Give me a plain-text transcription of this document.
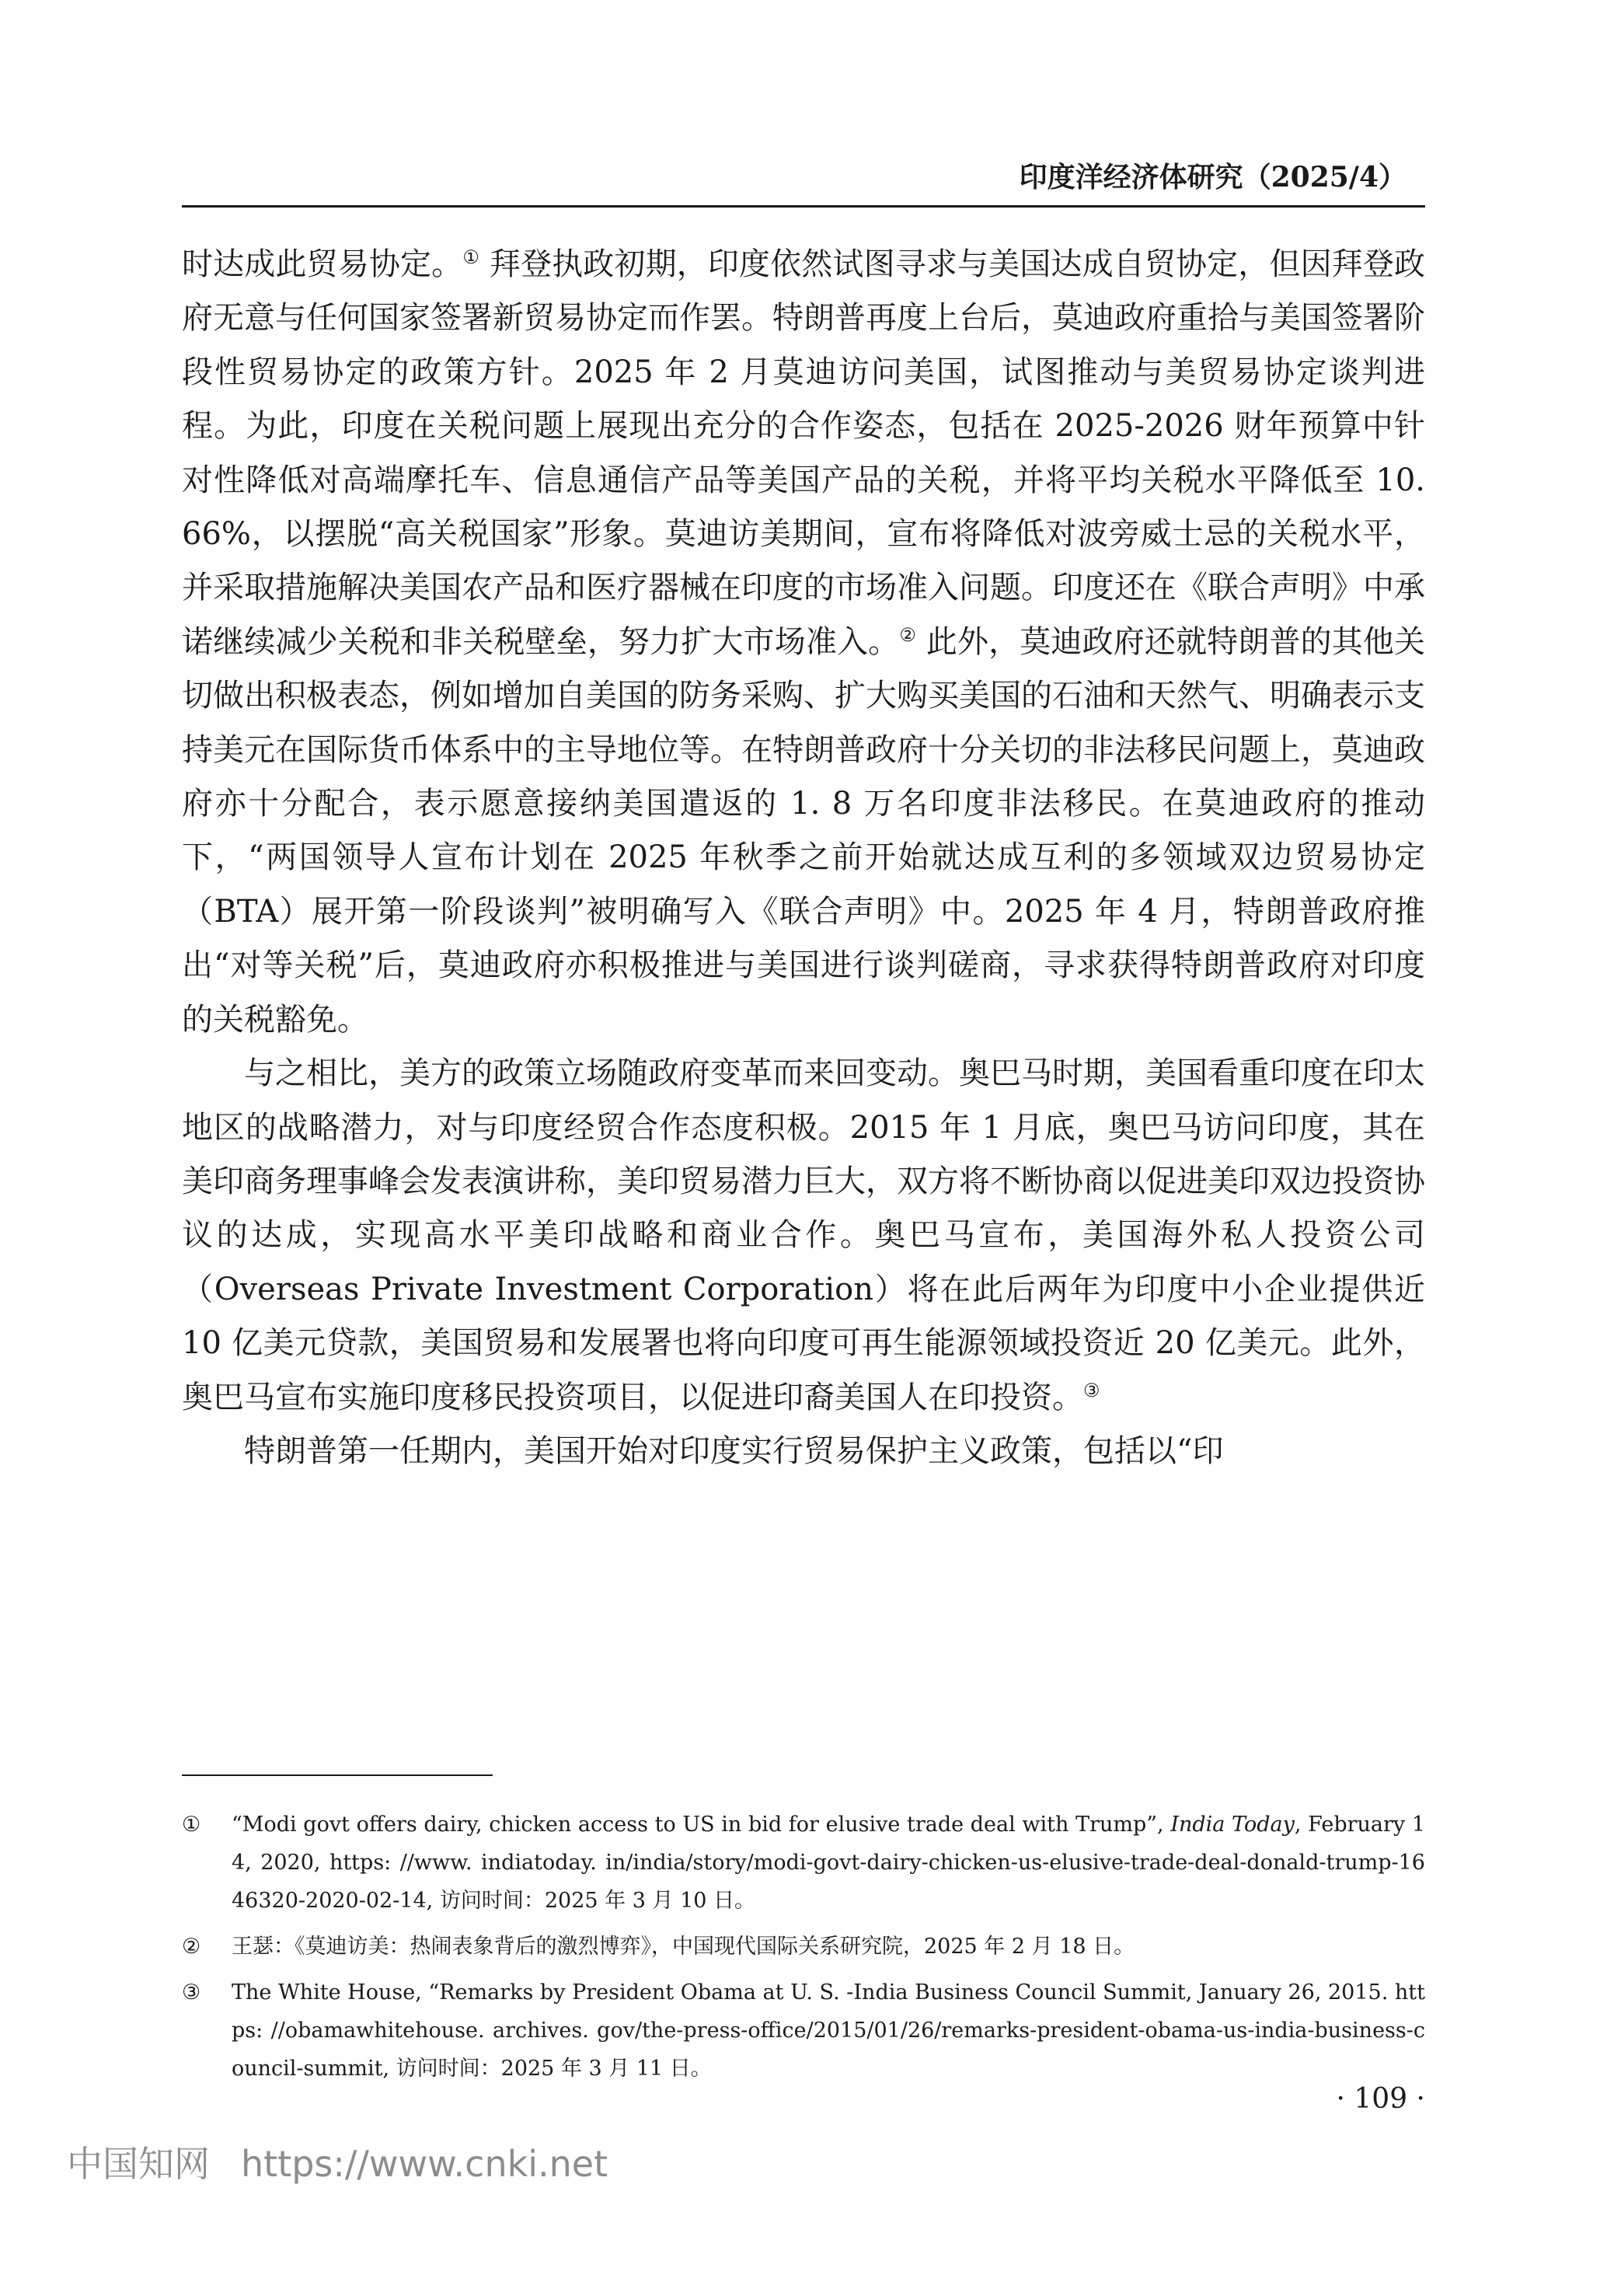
印度洋经济体研究（2025/4）

时达成此贸易协定。① 拜登执政初期，印度依然试图寻求与美国达成自贸协定，但因拜登政府无意与任何国家签署新贸易协定而作罢。特朗普再度上台后，莫迪政府重拾与美国签署阶段性贸易协定的政策方针。2025 年 2 月莫迪访问美国，试图推动与美贸易协定谈判进程。为此，印度在关税问题上展现出充分的合作姿态，包括在 2025-2026 财年预算中针对性降低对高端摩托车、信息通信产品等美国产品的关税，并将平均关税水平降低至 10. 66%，以摆脱“高关税国家”形象。莫迪访美期间，宣布将降低对波旁威士忌的关税水平，并采取措施解决美国农产品和医疗器械在印度的市场准入问题。印度还在《联合声明》中承诺继续减少关税和非关税壁垒，努力扩大市场准入。② 此外，莫迪政府还就特朗普的其他关切做出积极表态，例如增加自美国的防务采购、扩大购买美国的石油和天然气、明确表示支持美元在国际货币体系中的主导地位等。在特朗普政府十分关切的非法移民问题上，莫迪政府亦十分配合，表示愿意接纳美国遣返的 1. 8 万名印度非法移民。在莫迪政府的推动下，“两国领导人宣布计划在 2025 年秋季之前开始就达成互利的多领域双边贸易协定（BTA）展开第一阶段谈判”被明确写入《联合声明》中。2025 年 4 月，特朗普政府推出“对等关税”后，莫迪政府亦积极推进与美国进行谈判磋商，寻求获得特朗普政府对印度的关税豁免。

与之相比，美方的政策立场随政府变革而来回变动。奥巴马时期，美国看重印度在印太地区的战略潜力，对与印度经贸合作态度积极。2015 年 1 月底，奥巴马访问印度，其在美印商务理事峰会发表演讲称，美印贸易潜力巨大，双方将不断协商以促进美印双边投资协议的达成，实现高水平美印战略和商业合作。奥巴马宣布，美国海外私人投资公司（Overseas Private Investment Corporation）将在此后两年为印度中小企业提供近 10 亿美元贷款，美国贸易和发展署也将向印度可再生能源领域投资近 20 亿美元。此外，奥巴马宣布实施印度移民投资项目，以促进印裔美国人在印投资。③

特朗普第一任期内，美国开始对印度实行贸易保护主义政策，包括以“印

①	“Modi govt offers dairy, chicken access to US in bid for elusive trade deal with Trump”, India Today, February 14, 2020, https: //www. indiatoday. in/india/story/modi-govt-dairy-chicken-us-elusive-trade-deal-donald-trump-1646320-2020-02-14, 访问时间：2025 年 3 月 10 日。
②	王瑟：《莫迪访美：热闹表象背后的激烈博弈》，中国现代国际关系研究院，2025 年 2 月 18 日。
③	The White House, “Remarks by President Obama at U. S. -India Business Council Summit, January 26, 2015. https: //obamawhitehouse. archives. gov/the-press-office/2015/01/26/remarks-president-obama-us-india-business-council-summit, 访问时间：2025 年 3 月 11 日。
· 109 ·
中国知网 https://www.cnki.net
